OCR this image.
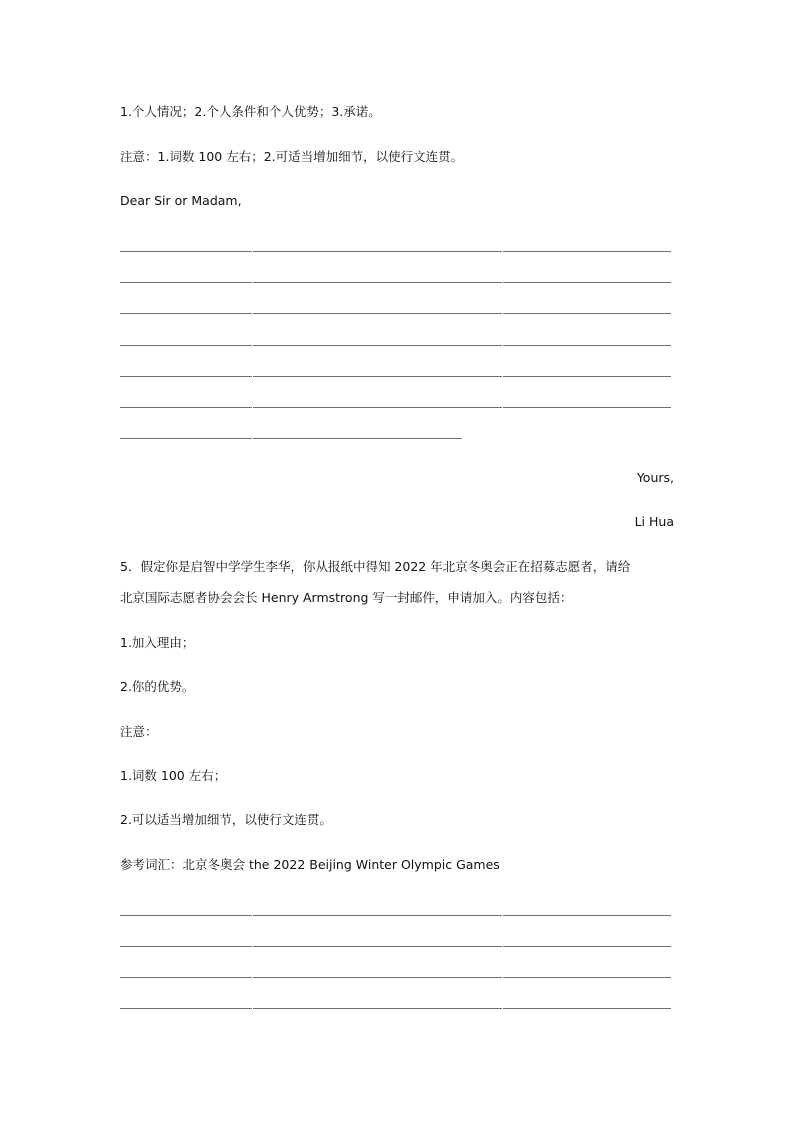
1.个人情况；2.个人条件和个人优势；3.承诺。

注意：1.词数 100 左右；2.可适当增加细节，以使行文连贯。

Dear Sir or Madam,

Yours,

Li Hua

5．假定你是启智中学学生李华，你从报纸中得知 2022 年北京冬奥会正在招募志愿者，请给

北京国际志愿者协会会长 Henry Armstrong 写一封邮件，申请加入。内容包括：

1.加入理由；

2.你的优势。

注意：

1.词数 100 左右；

2.可以适当增加细节，以使行文连贯。

参考词汇：北京冬奥会 the 2022 Beijing Winter Olympic Games
